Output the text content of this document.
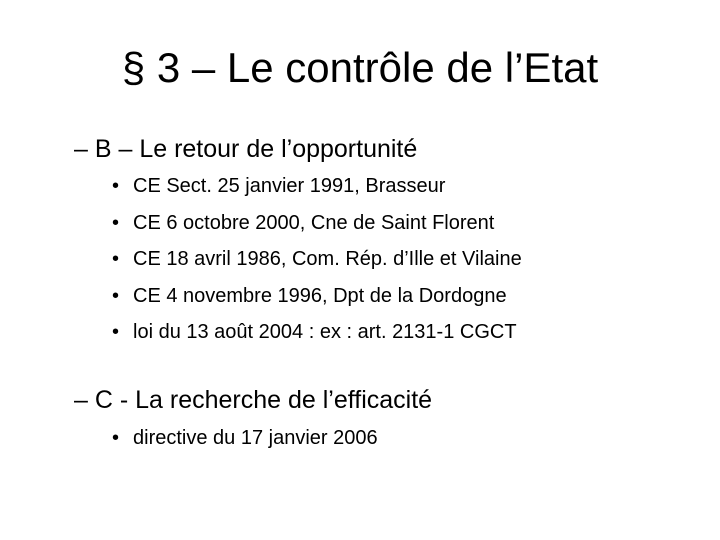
§ 3 – Le contrôle de l’Etat
– B – Le retour de l’opportunité
• CE Sect. 25 janvier 1991, Brasseur
• CE 6 octobre 2000, Cne de Saint Florent
• CE 18 avril 1986, Com. Rép. d’Ille et Vilaine
• CE 4 novembre 1996, Dpt de la Dordogne
• loi du 13 août 2004 : ex : art. 2131-1 CGCT
– C - La recherche de l’efficacité
• directive du 17 janvier 2006
